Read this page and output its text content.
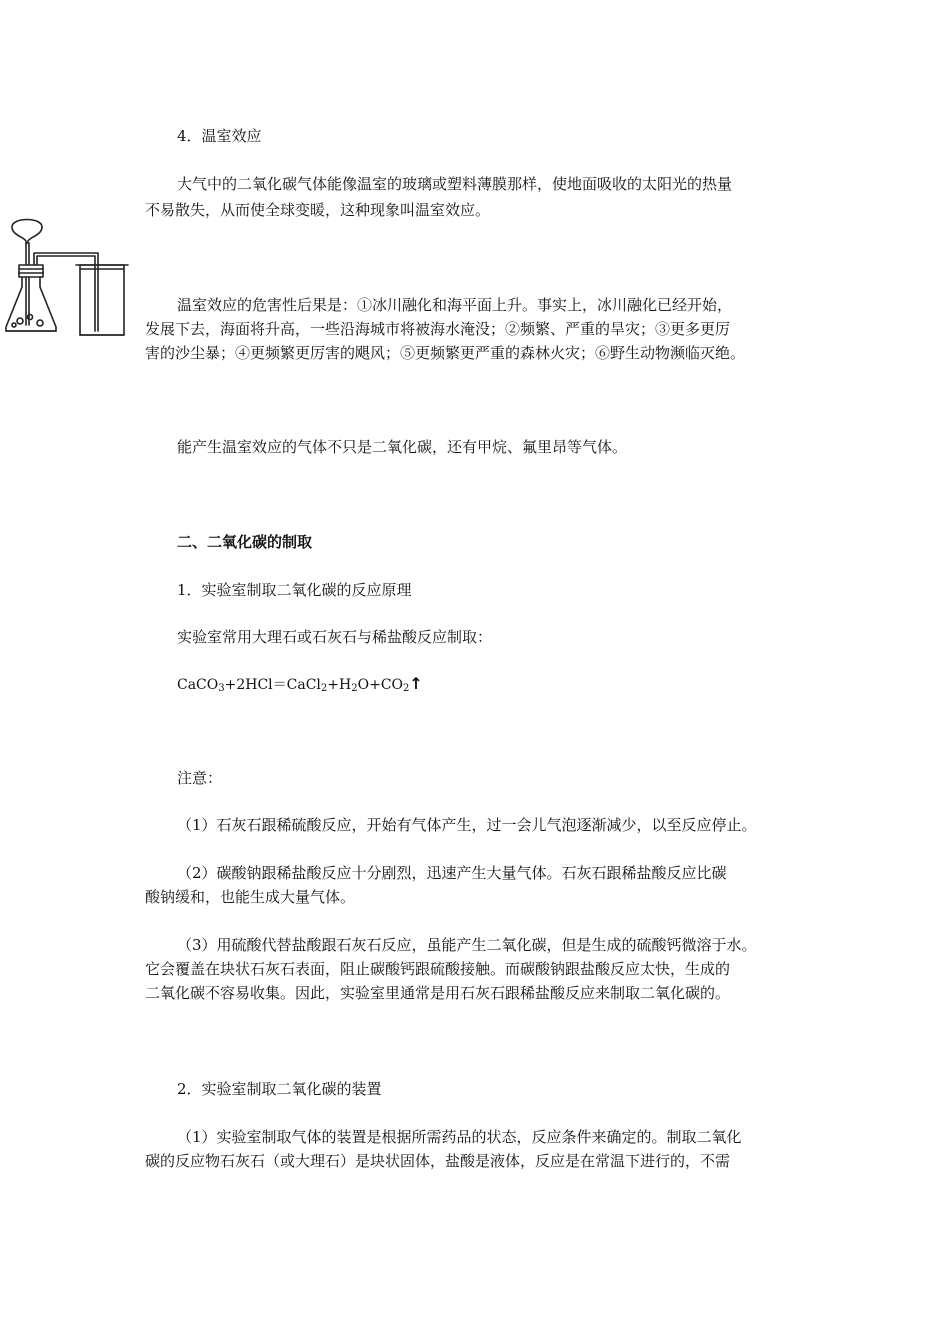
4．温室效应
大气中的二氧化碳气体能像温室的玻璃或塑料薄膜那样，使地面吸收的太阳光的热量
不易散失，从而使全球变暖，这种现象叫温室效应。
温室效应的危害性后果是：①冰川融化和海平面上升。事实上，冰川融化已经开始，
发展下去，海面将升高，一些沿海城市将被海水淹没；②频繁、严重的旱灾；③更多更厉
害的沙尘暴；④更频繁更厉害的飓风；⑤更频繁更严重的森林火灾；⑥野生动物濒临灭绝。
能产生温室效应的气体不只是二氧化碳，还有甲烷、氟里昂等气体。
二、二氧化碳的制取
1．实验室制取二氧化碳的反应原理
实验室常用大理石或石灰石与稀盐酸反应制取：
$CaCO_3+2HCl=CaCl_2+H_2O+CO_2↑$
注意：
（1）石灰石跟稀硫酸反应，开始有气体产生，过一会儿气泡逐渐减少，以至反应停止。
（2）碳酸钠跟稀盐酸反应十分剧烈，迅速产生大量气体。石灰石跟稀盐酸反应比碳
酸钠缓和，也能生成大量气体。
（3）用硫酸代替盐酸跟石灰石反应，虽能产生二氧化碳，但是生成的硫酸钙微溶于水。
它会覆盖在块状石灰石表面，阻止碳酸钙跟硫酸接触。而碳酸钠跟盐酸反应太快，生成的
二氧化碳不容易收集。因此，实验室里通常是用石灰石跟稀盐酸反应来制取二氧化碳的。
2．实验室制取二氧化碳的装置
（1）实验室制取气体的装置是根据所需药品的状态，反应条件来确定的。制取二氧化
碳的反应物石灰石（或大理石）是块状固体，盐酸是液体，反应是在常温下进行的，不需
